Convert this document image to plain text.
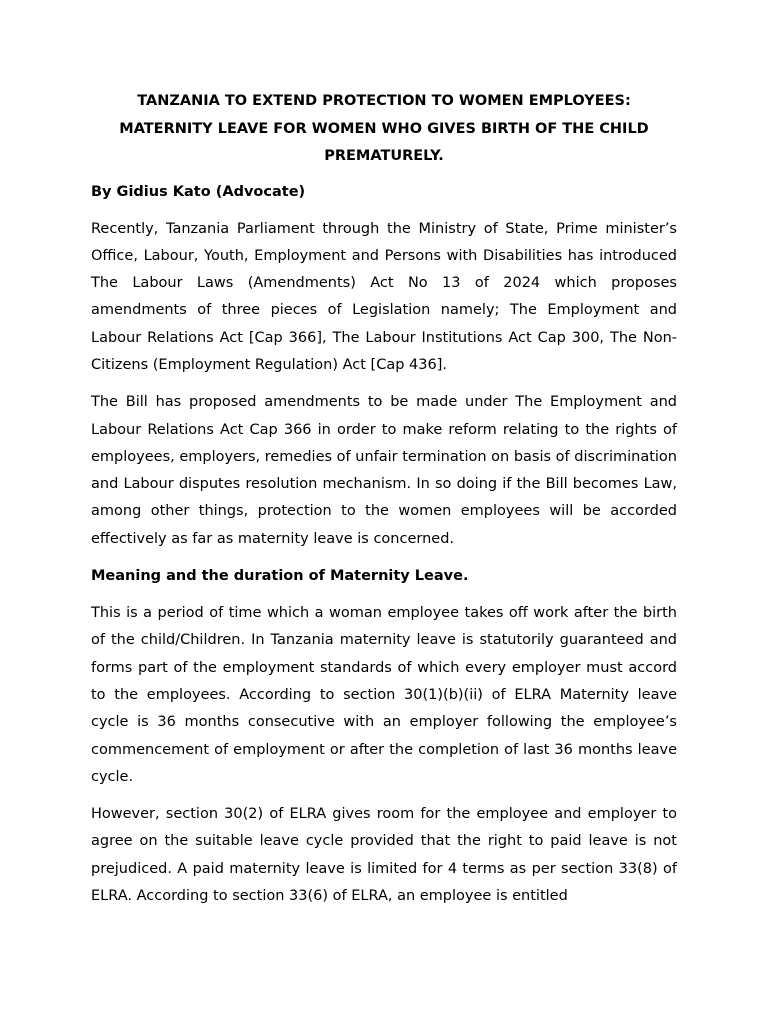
TANZANIA TO EXTEND PROTECTION TO WOMEN EMPLOYEES:
MATERNITY LEAVE FOR WOMEN WHO GIVES BIRTH OF THE CHILD
PREMATURELY.

By Gidius Kato (Advocate)

Recently, Tanzania Parliament through the Ministry of State, Prime minister’s Office, Labour, Youth, Employment and Persons with Disabilities has introduced The Labour Laws (Amendments) Act No 13 of 2024 which proposes amendments of three pieces of Legislation namely; The Employment and Labour Relations Act [Cap 366], The Labour Institutions Act Cap 300, The Non-Citizens (Employment Regulation) Act [Cap 436].

The Bill has proposed amendments to be made under The Employment and Labour Relations Act Cap 366 in order to make reform relating to the rights of employees, employers, remedies of unfair termination on basis of discrimination and Labour disputes resolution mechanism. In so doing if the Bill becomes Law, among other things, protection to the women employees will be accorded effectively as far as maternity leave is concerned.

Meaning and the duration of Maternity Leave.

This is a period of time which a woman employee takes off work after the birth of the child/Children. In Tanzania maternity leave is statutorily guaranteed and forms part of the employment standards of which every employer must accord to the employees. According to section 30(1)(b)(ii) of ELRA Maternity leave cycle is 36 months consecutive with an employer following the employee’s commencement of employment or after the completion of last 36 months leave cycle.

However, section 30(2) of ELRA gives room for the employee and employer to agree on the suitable leave cycle provided that the right to paid leave is not prejudiced. A paid maternity leave is limited for 4 terms as per section 33(8) of ELRA. According to section 33(6) of ELRA, an employee is entitled
